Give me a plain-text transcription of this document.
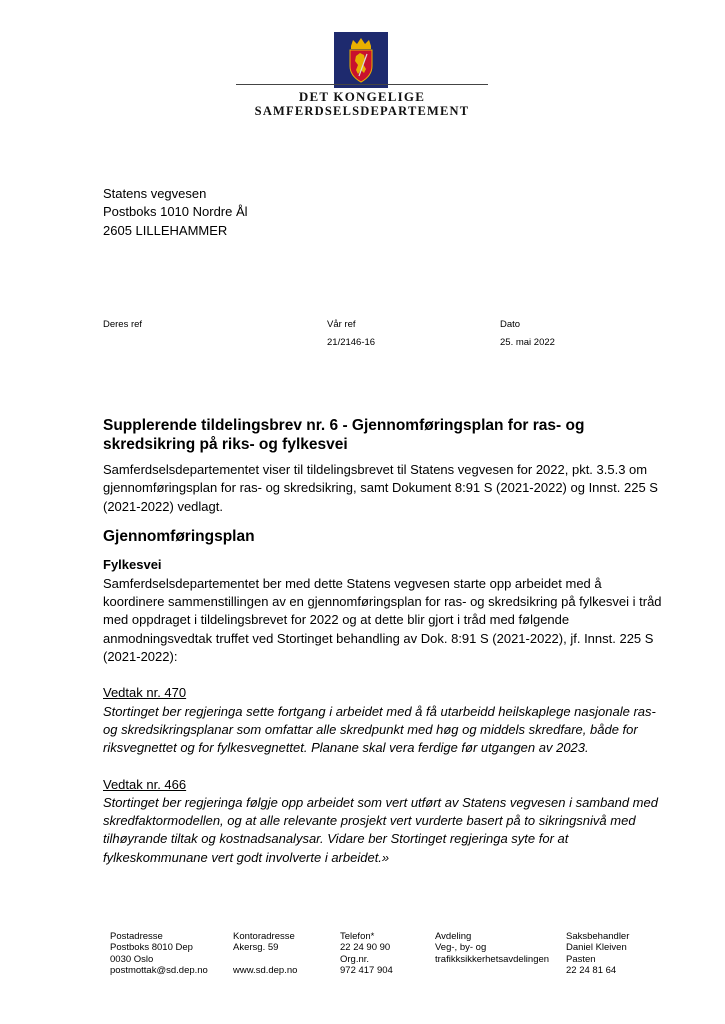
DET KONGELIGE
SAMFERDSELSDEPARTEMENT
Statens vegvesen
Postboks 1010 Nordre Ål
2605 LILLEHAMMER
Deres ref	Vår ref
21/2146-16
Dato
25. mai 2022
Supplerende tildelingsbrev nr. 6 - Gjennomføringsplan for ras- og skredsikring på riks- og fylkesvei
Samferdselsdepartementet viser til tildelingsbrevet til Statens vegvesen for 2022, pkt. 3.5.3 om gjennomføringsplan for ras- og skredsikring, samt Dokument 8:91 S (2021-2022) og Innst. 225 S (2021-2022) vedlagt.
Gjennomføringsplan
Fylkesvei
Samferdselsdepartementet ber med dette Statens vegvesen starte opp arbeidet med å koordinere sammenstillingen av en gjennomføringsplan for ras- og skredsikring på fylkesvei i tråd med oppdraget i tildelingsbrevet for 2022 og at dette blir gjort i tråd med følgende anmodningsvedtak truffet ved Stortinget behandling av Dok. 8:91 S (2021-2022), jf. Innst. 225 S (2021-2022):
Vedtak nr. 470
Stortinget ber regjeringa sette fortgang i arbeidet med å få utarbeidd heilskaplege nasjonale ras- og skredsikringsplanar som omfattar alle skredpunkt med høg og middels skredfare, både for riksvegnettet og for fylkesvegnettet. Planane skal vera ferdige før utgangen av 2023.
Vedtak nr. 466
Stortinget ber regjeringa følgje opp arbeidet som vert utført av Statens vegvesen i samband med skredfaktormodellen, og at alle relevante prosjekt vert vurderte basert på to sikringsnivå med tilhøyrande tiltak og kostnadsanalysar. Vidare ber Stortinget regjeringa syte for at fylkeskommunane vert godt involverte i arbeidet.»
Postadresse
Postboks 8010 Dep
0030 Oslo
postmottak@sd.dep.no
Kontoradresse
Akersg. 59

www.sd.dep.no
Telefon*
22 24 90 90
Org.nr.
972 417 904
Avdeling
Veg-, by- og
trafikksikkerhetsavdelingen
Saksbehandler
Daniel Kleiven
Pasten
22 24 81 64
